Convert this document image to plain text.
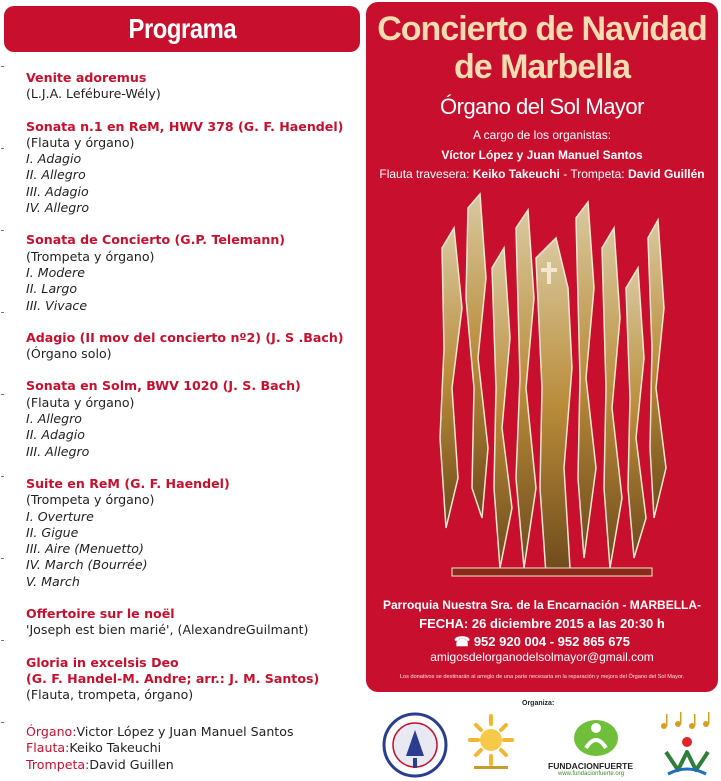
Programa
Venite adoremus
(L.J.A. Lefébure-Wély)
Sonata n.1 en ReM, HWV 378 (G. F. Haendel)
(Flauta y órgano)
I. Adagio
II. Allegro
III. Adagio
IV. Allegro
Sonata de Concierto (G.P. Telemann)
(Trompeta y órgano)
I. Modere
II. Largo
III. Vivace
Adagio (II mov del concierto nº2) (J. S .Bach)
(Órgano solo)
Sonata en Solm, BWV 1020 (J. S. Bach)
(Flauta y órgano)
I. Allegro
II. Adagio
III. Allegro
Suite en ReM (G. F. Haendel)
(Trompeta y órgano)
I. Overture
II. Gigue
III. Aire (Menuetto)
IV. March (Bourrée)
V. March
Offertoire sur le noël
'Joseph est bien marié', (AlexandreGuilmant)
Gloria in excelsis Deo
(G. F. Handel-M. Andre; arr.: J. M. Santos)
(Flauta, trompeta, órgano)
Órgano:Victor López y Juan Manuel Santos
Flauta:Keiko Takeuchi
Trompeta:David Guillen
Concierto de Navidad
de Marbella
Órgano del Sol Mayor
A cargo de los organistas:
Víctor López y Juan Manuel Santos
Flauta travesera: Keiko Takeuchi - Trompeta: David Guillén
Parroquia Nuestra Sra. de la Encarnación - MARBELLA-
FECHA: 26 diciembre 2015 a las 20:30 h
☎ 952 920 004 - 952 865 675
amigosdelorganodelsolmayor@gmail.com
Los donativos se destinarán al arreglo de una parte necesaria en la reparación y mejora del Órgano del Sol Mayor.
Organiza:
FUNDACIONFUERTE
www.fundacionfuerte.org
